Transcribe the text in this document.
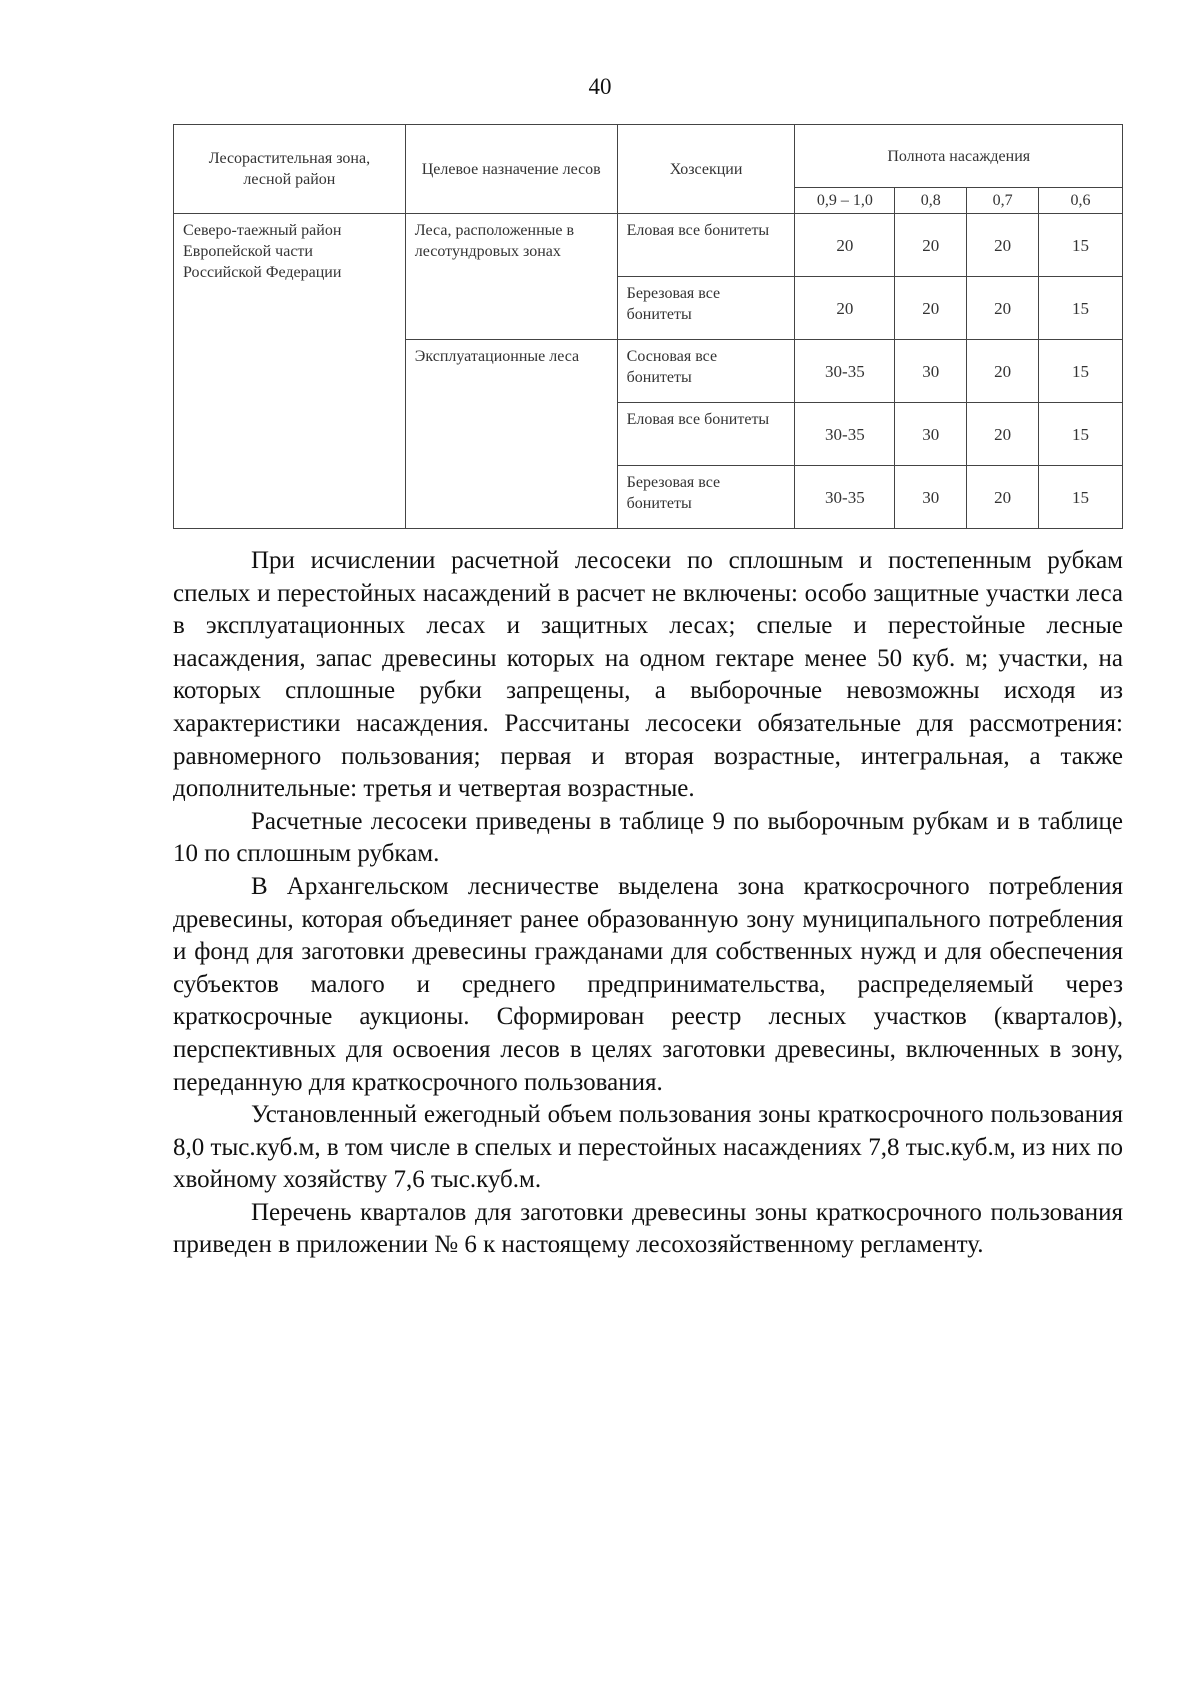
40
Лесорастительная зона, лесной район	Целевое назначение лесов	Хозсекции	Полнота насаждения			
			0,9 – 1,0	0,8	0,7	0,6
Северо-таежный район Европейской части Российской Федерации	Леса, расположенные в лесотундровых зонах	Еловая все бонитеты	20	20	20	15
		Березовая все бонитеты	20	20	20	15
	Эксплуатационные леса	Сосновая все бонитеты	30-35	30	20	15
		Еловая все бонитеты	30-35	30	20	15
		Березовая все бонитеты	30-35	30	20	15

При исчислении расчетной лесосеки по сплошным и постепенным рубкам спелых и перестойных насаждений в расчет не включены: особо защитные участки леса в эксплуатационных лесах и защитных лесах; спелые и перестойные лесные насаждения, запас древесины которых на одном гектаре менее 50 куб. м; участки, на которых сплошные рубки запрещены, а выборочные невозможны исходя из характеристики насаждения. Рассчитаны лесосеки обязательные для рассмотрения: равномерного пользования; первая и вторая возрастные, интегральная, а также дополнительные: третья и четвертая возрастные.

Расчетные лесосеки приведены в таблице 9 по выборочным рубкам и в таблице 10 по сплошным рубкам.

В Архангельском лесничестве выделена зона краткосрочного потребления древесины, которая объединяет ранее образованную зону муниципального потребления и фонд для заготовки древесины гражданами для собственных нужд и для обеспечения субъектов малого и среднего предпринимательства, распределяемый через краткосрочные аукционы. Сформирован реестр лесных участков (кварталов), перспективных для освоения лесов в целях заготовки древесины, включенных в зону, переданную для краткосрочного пользования.

Установленный ежегодный объем пользования зоны краткосрочного пользования 8,0 тыс.куб.м, в том числе в спелых и перестойных насаждениях 7,8 тыс.куб.м, из них по хвойному хозяйству 7,6 тыс.куб.м.

Перечень кварталов для заготовки древесины зоны краткосрочного пользования приведен в приложении № 6 к настоящему лесохозяйственному регламенту.
